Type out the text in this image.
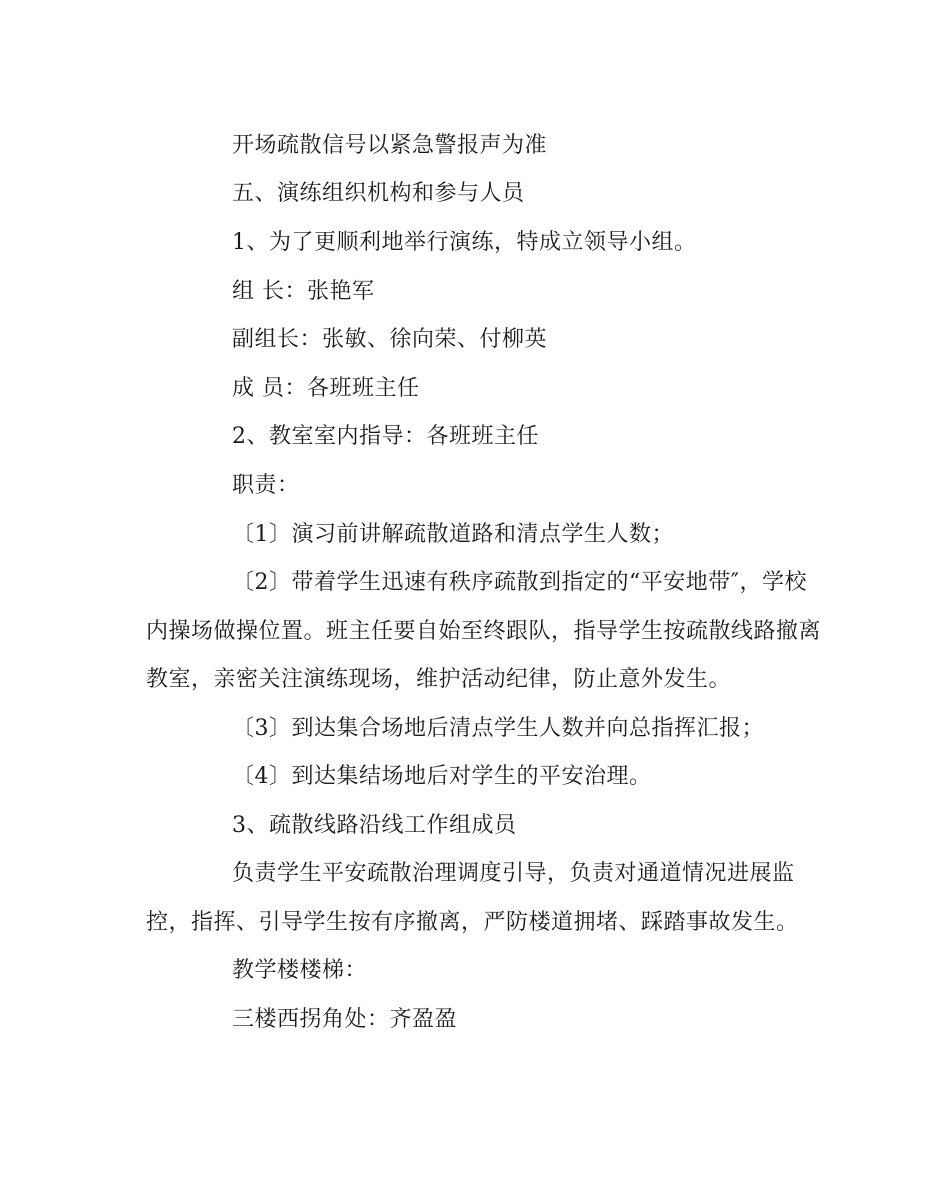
开场疏散信号以紧急警报声为准
五、演练组织机构和参与人员
1、为了更顺利地举行演练，特成立领导小组。
组 长：张艳军
副组长：张敏、徐向荣、付柳英
成 员：各班班主任
2、教室室内指导：各班班主任
职责：
〔1〕演习前讲解疏散道路和清点学生人数；
〔2〕带着学生迅速有秩序疏散到指定的“平安地带″，学校
内操场做操位置。班主任要自始至终跟队，指导学生按疏散线路撤离
教室，亲密关注演练现场，维护活动纪律，防止意外发生。
〔3〕到达集合场地后清点学生人数并向总指挥汇报；
〔4〕到达集结场地后对学生的平安治理。
3、疏散线路沿线工作组成员
负责学生平安疏散治理调度引导，负责对通道情况进展监
控，指挥、引导学生按有序撤离，严防楼道拥堵、踩踏事故发生。
教学楼楼梯：
三楼西拐角处：齐盈盈
